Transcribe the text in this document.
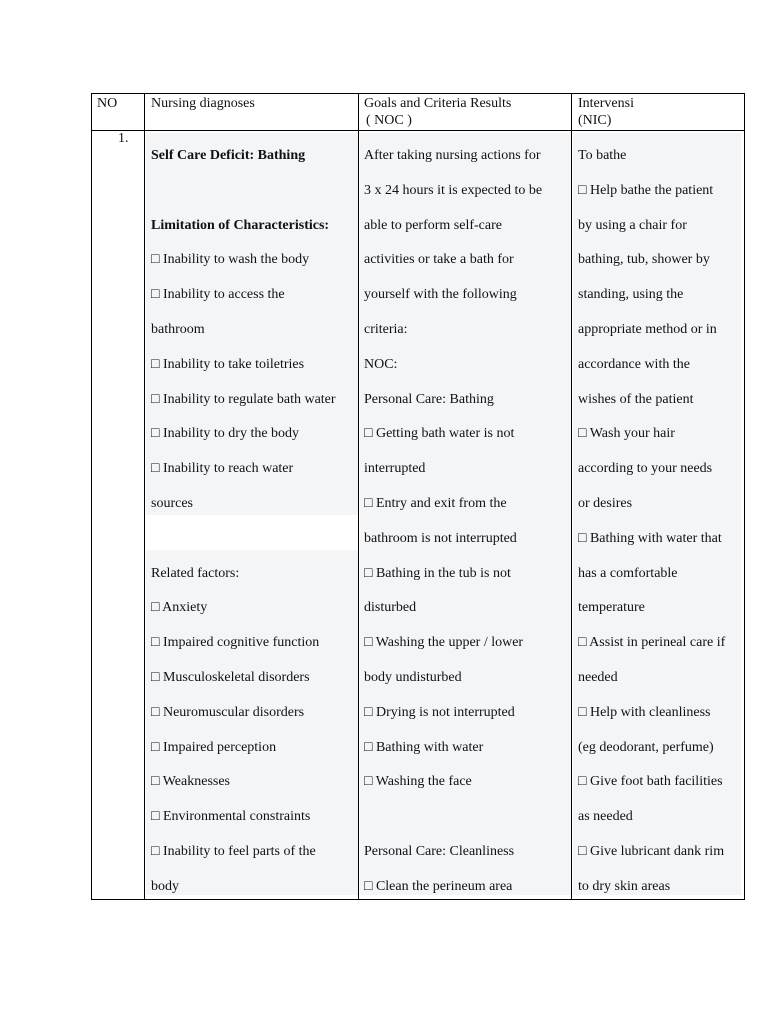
NO Nursing diagnoses	Goals and Criteria Results
( NOC )
Intervensi
(NIC)
1.
Self Care Deficit: Bathing
Limitation of Characteristics:
□ Inability to wash the body
□ Inability to access the
bathroom
□ Inability to take toiletries
□ Inability to regulate bath water
□ Inability to dry the body
□ Inability to reach water
sources
Related factors:
□ Anxiety
□ Impaired cognitive function
□ Musculoskeletal disorders
□ Neuromuscular disorders
□ Impaired perception
□ Weaknesses
□ Environmental constraints
□ Inability to feel parts of the
body
After taking nursing actions for
3 x 24 hours it is expected to be
able to perform self-care
activities or take a bath for
yourself with the following
criteria:
NOC:
Personal Care: Bathing
□ Getting bath water is not
interrupted
□ Entry and exit from the
bathroom is not interrupted
□ Bathing in the tub is not
disturbed
□ Washing the upper / lower
body undisturbed
□ Drying is not interrupted
□ Bathing with water
□ Washing the face
Personal Care: Cleanliness
□ Clean the perineum area
To bathe
□ Help bathe the patient
by using a chair for
bathing, tub, shower by
standing, using the
appropriate method or in
accordance with the
wishes of the patient
□ Wash your hair
according to your needs
or desires
□ Bathing with water that
has a comfortable
temperature
□ Assist in perineal care if
needed
□ Help with cleanliness
(eg deodorant, perfume)
□ Give foot bath facilities
as needed
□ Give lubricant dank rim
to dry skin areas
